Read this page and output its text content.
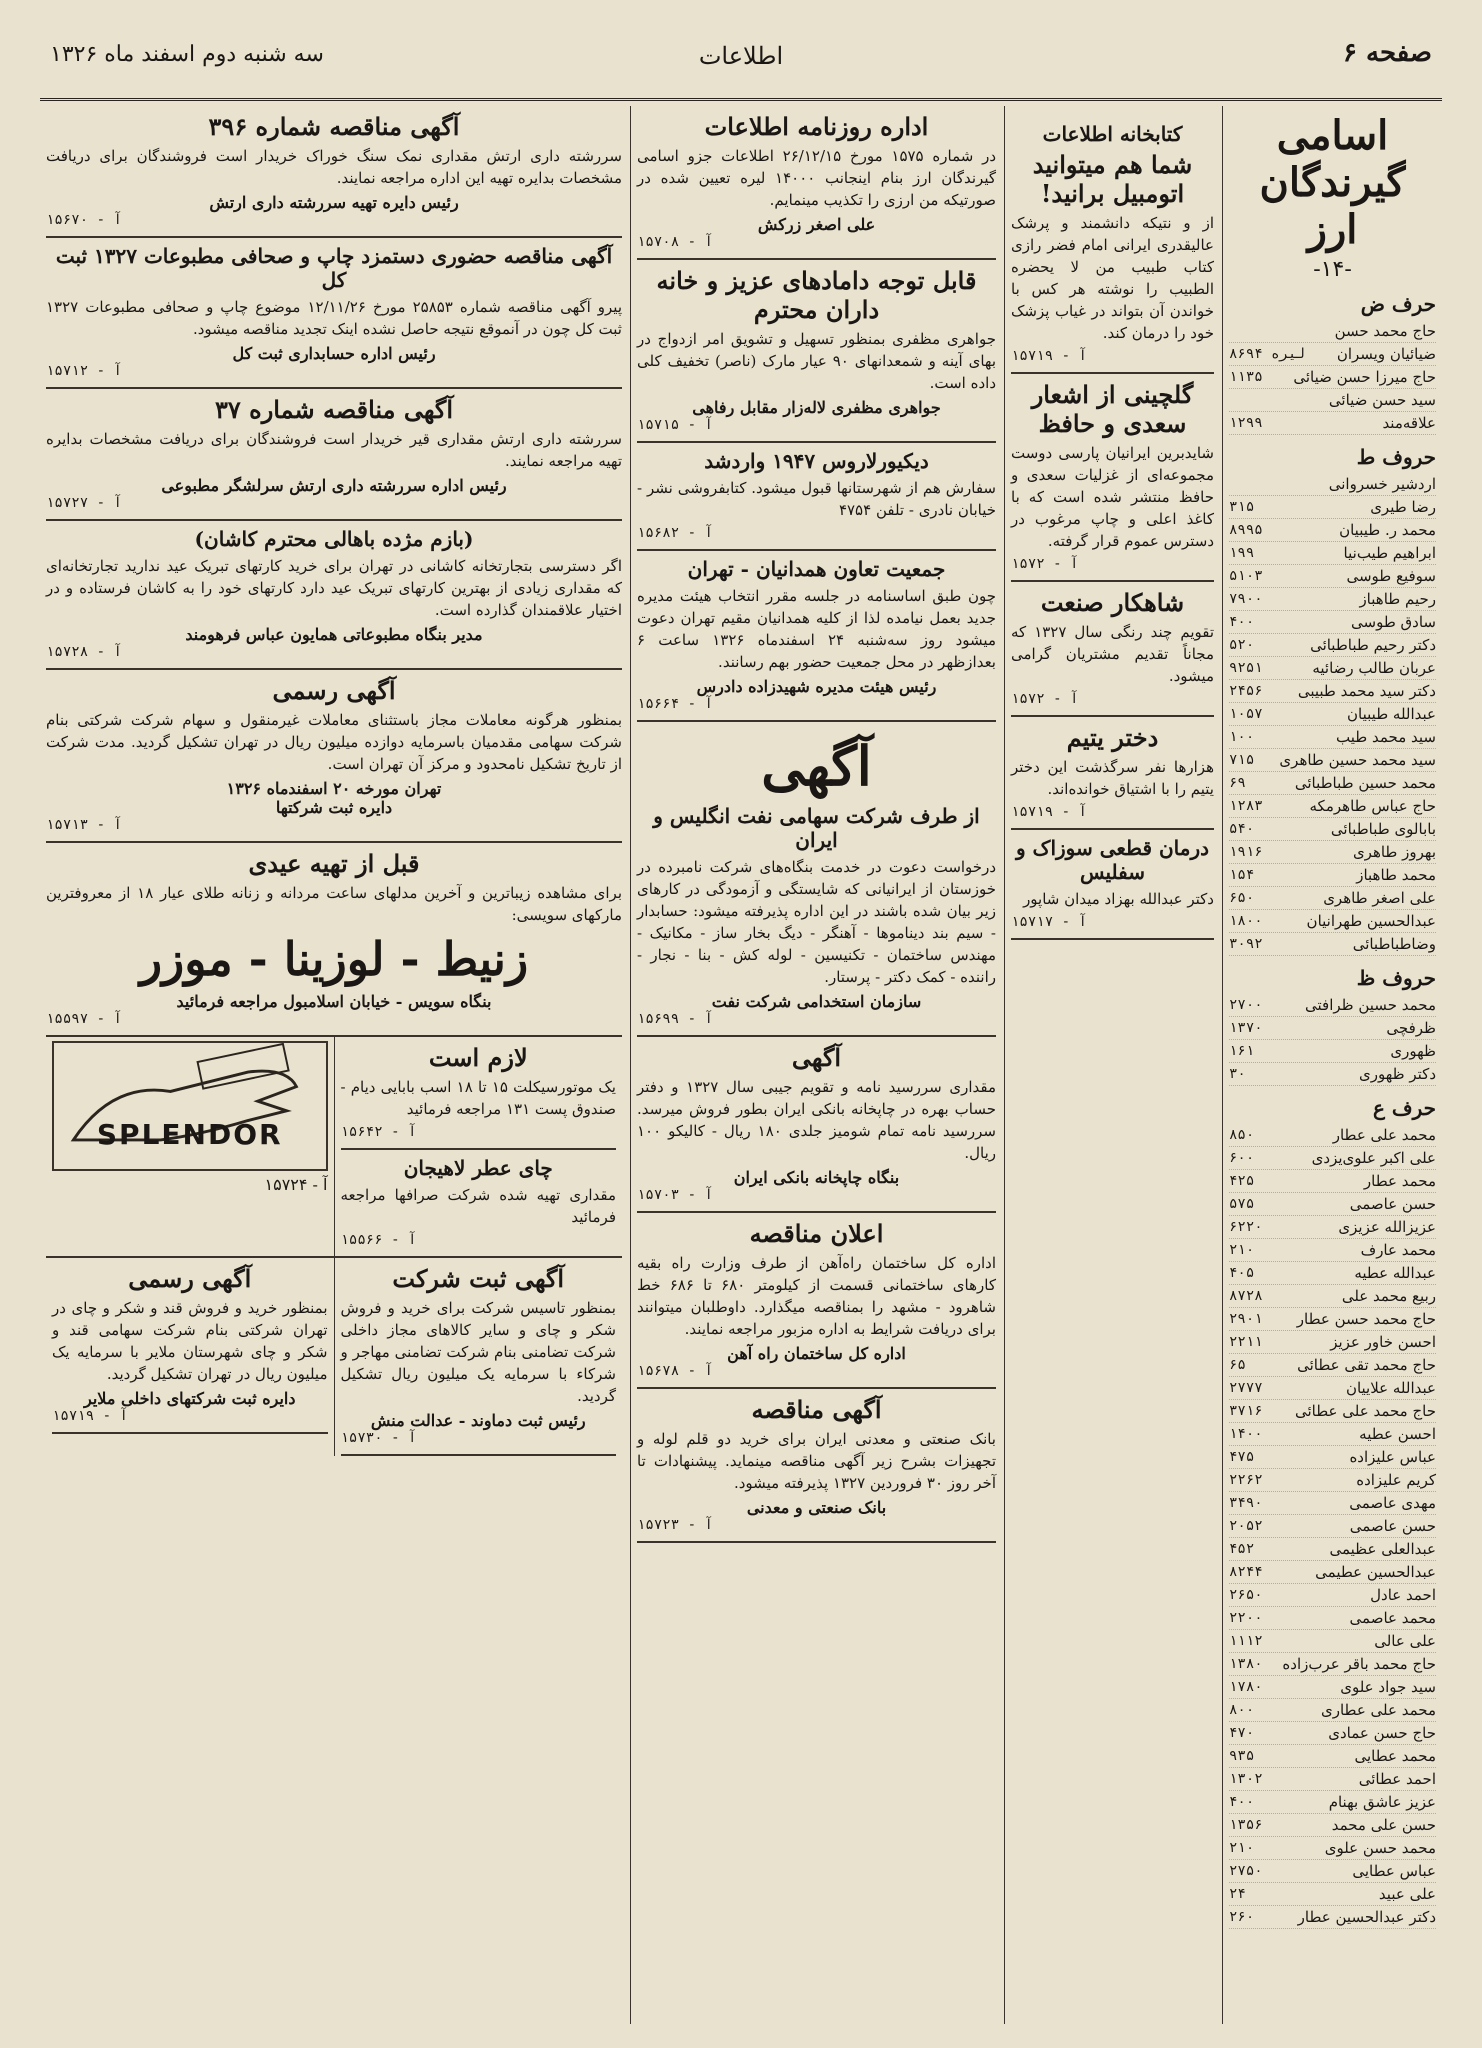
صفحه ۶
اطلاعات
سه شنبه دوم اسفند ماه ۱۳۲۶
اسامی گیرندگان ارز
-۱۴-
حرف ض
حاج محمد حسن
ضیائیان ویسران
۸۶۹۴ لیره
حاج میرزا حسن ضیائی
۱۱۳۵
سید حسن ضیائی
علاقه‌مند
۱۲۹۹
حروف ط
اردشیر خسروانی
رضا طیری
۳۱۵
محمد ر. طیبیان
۸۹۹۵
ابراهیم طیب‌نیا
۱۹۹
سوفیع طوسی
۵۱۰۳
رحیم طاهباز
۷۹۰۰
سادق طوسی
۴۰۰
دکتر رحیم طباطبائی
۵۲۰
عربان طالب رضائیه
۹۲۵۱
دکتر سید محمد طبیبی
۲۴۵۶
عبدالله طیبیان
۱۰۵۷
سید محمد طیب
۱۰۰
سید محمد حسین طاهری
۷۱۵
محمد حسین طباطبائی
۶۹
حاج عباس طاهرمکه
۱۲۸۳
بابالوی طباطبائی
۵۴۰
بهروز طاهری
۱۹۱۶
محمد طاهباز
۱۵۴
علی اصغر طاهری
۶۵۰
عبدالحسین طهرانیان
۱۸۰۰
وضاطباطبائی
۳۰۹۲
حروف ظ
محمد حسین ظرافتی
۲۷۰۰
ظرفچی
۱۳۷۰
ظهوری
۱۶۱
دکتر ظهوری
۳۰
حرف ع
محمد علی عطار
۸۵۰
علی اکبر علوی‌یزدی
۶۰۰
محمد عطار
۴۲۵
حسن عاصمی
۵۷۵
عزیزالله عزیزی
۶۲۲۰
محمد عارف
۲۱۰
عبدالله عطیه
۴۰۵
ربیع محمد علی
۸۷۲۸
حاج محمد حسن عطار
۲۹۰۱
احسن خاور عزیز
۲۲۱۱
حاج محمد تقی عطائی
۶۵
عبدالله علاییان
۲۷۷۷
حاج محمد علی عطائی
۳۷۱۶
احسن عطیه
۱۴۰۰
عباس علیزاده
۴۷۵
کریم علیزاده
۲۲۶۲
مهدی عاصمی
۳۴۹۰
حسن عاصمی
۲۰۵۲
عبدالعلی عظیمی
۴۵۲
عبدالحسین عطیمی
۸۲۴۴
احمد عادل
۲۶۵۰
محمد عاصمی
۲۲۰۰
علی عالی
۱۱۱۲
حاج محمد باقر عرب‌زاده
۱۳۸۰
سید جواد علوی
۱۷۸۰
محمد علی عطاری
۸۰۰
حاج حسن عمادی
۴۷۰
محمد عطایی
۹۳۵
احمد عطائی
۱۳۰۲
عزیز عاشق بهنام
۴۰۰
حسن علی محمد
۱۳۵۶
محمد حسن علوی
۲۱۰
عباس عطایی
۲۷۵۰
علی عبید
۲۴
دکتر عبدالحسین عطار
۲۶۰
کتابخانه اطلاعات
شما هم میتوانید اتومبیل برانید!

از و نتیکه دانشمند و پرشک عالیقدری ایرانی امام فضر رازی کتاب طبیب من لا یحضره الطبیب را نوشته هر کس با خواندن آن بتواند در غیاب پزشک خود را درمان کند.

آ - ۱۵۷۱۹
گلچینی از اشعار سعدی و حافظ

شایدبرین ایرانیان پارسی دوست مجموعه‌ای از غزلیات سعدی و حافظ منتشر شده است که با کاغذ اعلی و چاپ مرغوب در دسترس عموم قرار گرفته.

آ - ۱۵۷۲
شاهکار صنعت

تقویم چند رنگی سال ۱۳۲۷ که مجاناً تقدیم مشتریان گرامی میشود.

آ - ۱۵۷۲
دختر یتیم

هزارها نفر سرگذشت این دختر یتیم را با اشتیاق خوانده‌اند.

آ - ۱۵۷۱۹
درمان قطعی سوزاک و سفلیس

دکتر عبدالله بهزاد میدان شاپور

آ - ۱۵۷۱۷
اداره روزنامه اطلاعات

در شماره ۱۵۷۵ مورخ ۲۶/۱۲/۱۵ اطلاعات جزو اسامی گیرندگان ارز بنام اینجانب ۱۴۰۰۰ لیره تعیین شده در صورتیکه من ارزی را تکذیب مینمایم.

علی اصغر زرکش
آ - ۱۵۷۰۸
قابل توجه دامادهای عزیز و خانه داران محترم

جواهری مظفری بمنظور تسهیل و تشویق امر ازدواج در بهای آینه و شمعدانهای ۹۰ عیار مارک (ناصر) تخفیف کلی داده است.

جواهری مظفری لاله‌زار مقابل رفاهی
آ - ۱۵۷۱۵
دیکیورلاروس ۱۹۴۷ واردشد

سفارش هم از شهرستانها قبول میشود. کتابفروشی نشر - خیابان نادری - تلفن ۴۷۵۴

آ - ۱۵۶۸۲
جمعیت تعاون همدانیان - تهران

چون طبق اساسنامه در جلسه مقرر انتخاب هیئت مدیره جدید بعمل نیامده لذا از کلیه همدانیان مقیم تهران دعوت میشود روز سه‌شنبه ۲۴ اسفندماه ۱۳۲۶ ساعت ۶ بعدازظهر در محل جمعیت حضور بهم رسانند.

رئیس هیئت مدیره شهیدزاده دادرس
آ - ۱۵۶۶۴
آگهی
از طرف شرکت سهامی نفت انگلیس و ایران

درخواست دعوت در خدمت بنگاه‌های شرکت نامبرده در خوزستان از ایرانیانی که شایستگی و آزمودگی در کارهای زیر بیان شده باشند در این اداره پذیرفته میشود: حسابدار - سیم بند دیناموها - آهنگر - دیگ بخار ساز - مکانیک - مهندس ساختمان - تکنیسین - لوله کش - بنا - نجار - راننده - کمک دکتر - پرستار.

سازمان استخدامی شرکت نفت
آ - ۱۵۶۹۹
آگهی

مقداری سررسید نامه و تقویم جیبی سال ۱۳۲۷ و دفتر حساب بهره در چاپخانه بانکی ایران بطور فروش میرسد. سررسید نامه تمام شومیز جلدی ۱۸۰ ریال - کالیکو ۱۰۰ ریال.

بنگاه چاپخانه بانکی ایران
آ - ۱۵۷۰۳
اعلان مناقصه

اداره کل ساختمان راه‌آهن از طرف وزارت راه بقیه کارهای ساختمانی قسمت از کیلومتر ۶۸۰ تا ۶۸۶ خط شاهرود - مشهد را بمناقصه میگذارد. داوطلبان میتوانند برای دریافت شرایط به اداره مزبور مراجعه نمایند.

اداره کل ساختمان راه آهن
آ - ۱۵۶۷۸
آگهی مناقصه

بانک صنعتی و معدنی ایران برای خرید دو قلم لوله و تجهیزات بشرح زیر آگهی مناقصه مینماید. پیشنهادات تا آخر روز ۳۰ فروردین ۱۳۲۷ پذیرفته میشود.

بانک صنعتی و معدنی
آ - ۱۵۷۲۳
آگهی مناقصه شماره ۳۹۶

سررشته داری ارتش مقداری نمک سنگ خوراک خریدار است فروشندگان برای دریافت مشخصات بدایره تهیه این اداره مراجعه نمایند.

رئیس دایره تهیه سررشته داری ارتش
آ - ۱۵۶۷۰
آگهی مناقصه حضوری دستمزد چاپ و صحافی مطبوعات ۱۳۲۷ ثبت کل

پیرو آگهی مناقصه شماره ۲۵۸۵۳ مورخ ۱۲/۱۱/۲۶ موضوع چاپ و صحافی مطبوعات ۱۳۲۷ ثبت کل چون در آنموقع نتیجه حاصل نشده اینک تجدید مناقصه میشود.

رئیس اداره حسابداری ثبت کل
آ - ۱۵۷۱۲
آگهی مناقصه شماره ۳۷

سررشته داری ارتش مقداری قیر خریدار است فروشندگان برای دریافت مشخصات بدایره تهیه مراجعه نمایند.

رئیس اداره سررشته داری ارتش سرلشگر مطبوعی
آ - ۱۵۷۲۷
(بازم مژده باهالی محترم کاشان)

اگر دسترسی بتجارتخانه کاشانی در تهران برای خرید کارتهای تبریک عید ندارید تجارتخانه‌ای که مقداری زیادی از بهترین کارتهای تبریک عید دارد کارتهای خود را به کاشان فرستاده و در اختیار علاقمندان گذارده است.

مدیر بنگاه مطبوعاتی همایون عباس فرهومند
آ - ۱۵۷۲۸
آگهی رسمی

بمنظور هرگونه معاملات مجاز باستثنای معاملات غیرمنقول و سهام شرکت شرکتی بنام شرکت سهامی مقدمیان باسرمایه دوازده میلیون ریال در تهران تشکیل گردید. مدت شرکت از تاریخ تشکیل نامحدود و مرکز آن تهران است.

تهران مورخه ۲۰ اسفندماه ۱۳۲۶
دایره ثبت شرکتها
آ - ۱۵۷۱۳
قبل از تهیه عیدی

برای مشاهده زیباترین و آخرین مدلهای ساعت مردانه و زنانه طلای عیار ۱۸ از معروفترین مارکهای سویسی:

زنیط - لوزینا - موزر
بنگاه سویس - خیابان اسلامبول مراجعه فرمائید
آ - ۱۵۵۹۷
لازم است

یک موتورسیکلت ۱۵ تا ۱۸ اسب بابایی دیام - صندوق پست ۱۳۱ مراجعه فرمائید

آ - ۱۵۶۴۲
چای عطر لاهیجان

مقداری تهیه شده شرکت صرافها مراجعه فرمائید

آ - ۱۵۵۶۶
SPLENDOR
آ - ۱۵۷۲۴
آگهی ثبت شرکت

بمنظور تاسیس شرکت برای خرید و فروش شکر و چای و سایر کالاهای مجاز داخلی شرکت تضامنی بنام شرکت تضامنی مهاجر و شرکاء با سرمایه یک میلیون ریال تشکیل گردید.

رئیس ثبت دماوند - عدالت منش
آ - ۱۵۷۳۰
آگهی رسمی

بمنظور خرید و فروش قند و شکر و چای در تهران شرکتی بنام شرکت سهامی قند و شکر و چای شهرستان ملایر با سرمایه یک میلیون ریال در تهران تشکیل گردید.

دایره ثبت شرکتهای داخلی ملایر
آ - ۱۵۷۱۹
